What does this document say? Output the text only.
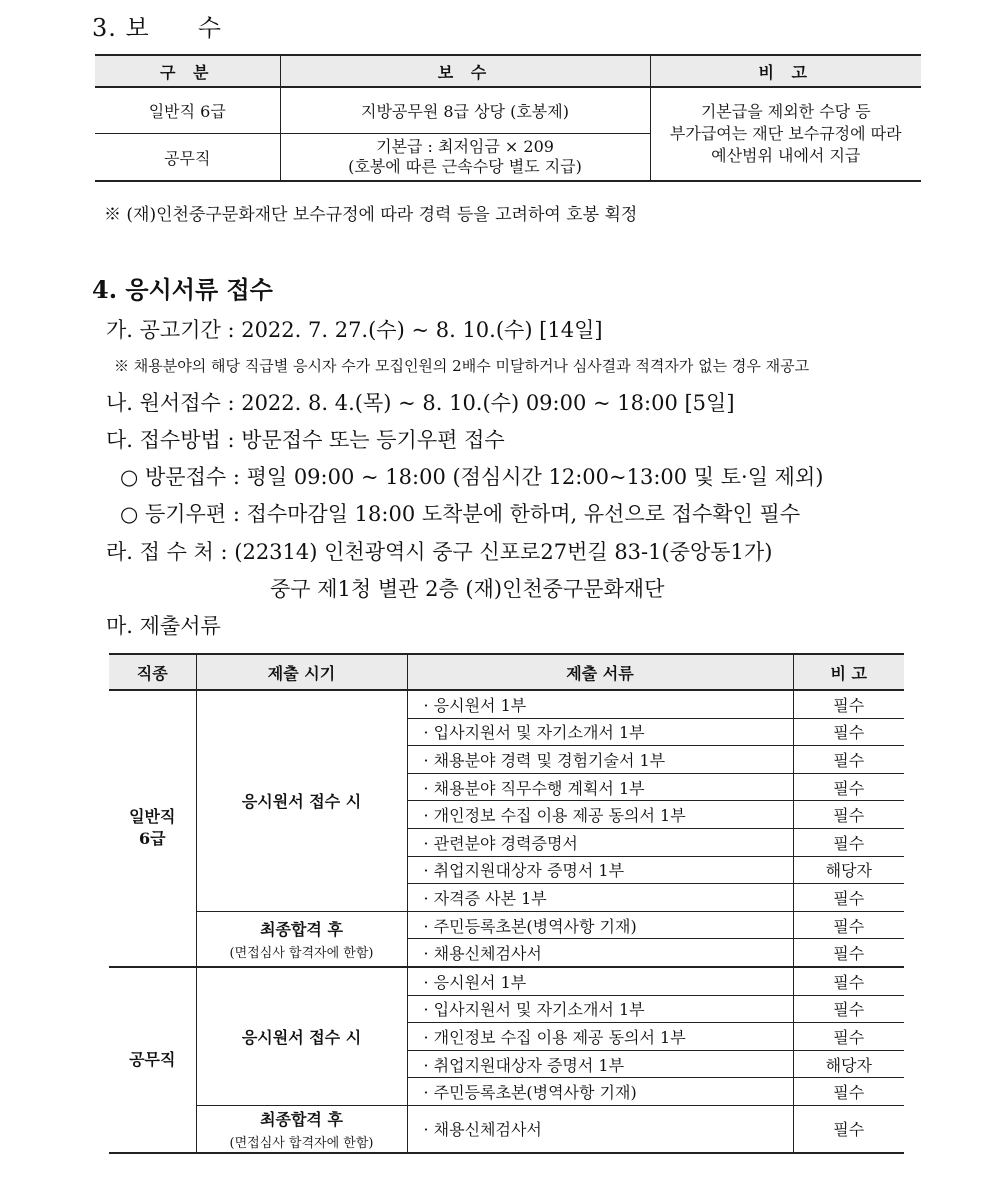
3. 보 수
구 분	보 수	비 고
일반직 6급	지방공무원 8급 상당 (호봉제)	기본급을 제외한 수당 등
부가급여는 재단 보수규정에 따라
예산범위 내에서 지급

공무직	기본급 : 최저임금 × 209
(호봉에 따른 근속수당 별도 지급)	
※ (재)인천중구문화재단 보수규정에 따라 경력 등을 고려하여 호봉 획정
4. 응시서류 접수
가. 공고기간 : 2022. 7. 27.(수) ~ 8. 10.(수) [14일]
※ 채용분야의 해당 직급별 응시자 수가 모집인원의 2배수 미달하거나 심사결과 적격자가 없는 경우 재공고
나. 원서접수 : 2022. 8. 4.(목) ~ 8. 10.(수) 09:00 ~ 18:00 [5일]
다. 접수방법 : 방문접수 또는 등기우편 접수
○ 방문접수 : 평일 09:00 ~ 18:00 (점심시간 12:00~13:00 및 토·일 제외)
○ 등기우편 : 접수마감일 18:00 도착분에 한하며, 유선으로 접수확인 필수
라. 접 수 처 : (22314) 인천광역시 중구 신포로27번길 83-1(중앙동1가)
중구 제1청 별관 2층 (재)인천중구문화재단
마. 제출서류
직종	제출 시기	제출 서류	비 고

일반직
6급	응시원서 접수 시	· 응시원서 1부	필수
		· 입사지원서 및 자기소개서 1부	필수
		· 채용분야 경력 및 경험기술서 1부	필수
		· 채용분야 직무수행 계획서 1부	필수
		· 개인정보 수집 이용 제공 동의서 1부	필수
		· 관련분야 경력증명서	필수
		· 취업지원대상자 증명서 1부	해당자
		· 자격증 사본 1부	필수
	최종합격 후
(면접심사 합격자에 한함)	· 주민등록초본(병역사항 기재)	필수
		· 채용신체검사서	필수
공무직	응시원서 접수 시	· 응시원서 1부	필수
		· 입사지원서 및 자기소개서 1부	필수
		· 개인정보 수집 이용 제공 동의서 1부	필수
		· 취업지원대상자 증명서 1부	해당자
		· 주민등록초본(병역사항 기재)	필수
	최종합격 후
(면접심사 합격자에 한함)	· 채용신체검사서	필수
